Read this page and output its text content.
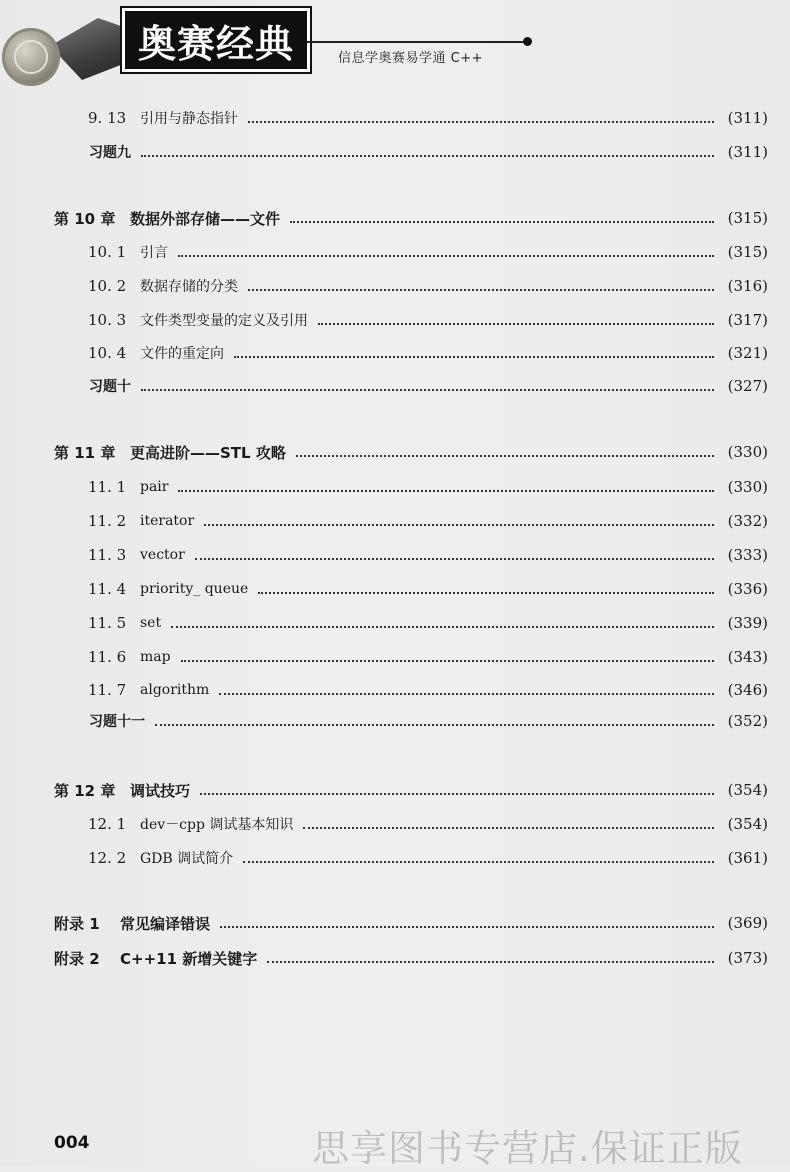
奥赛经典	信息学奥赛易学通 C++
9. 13 引用与静态指针	(311)
习题九	(311)
第 10 章 数据外部存储——文件	(315)
10. 1 引言	(315)
10. 2 数据存储的分类	(316)
10. 3 文件类型变量的定义及引用	(317)
10. 4 文件的重定向	(321)
习题十	(327)
第 11 章 更高进阶——STL 攻略	(330)
11. 1 pair	(330)
11. 2 iterator	(332)
11. 3 vector	(333)
11. 4 priority_ queue	(336)
11. 5 set	(339)
11. 6 map	(343)
11. 7 algorithm	(346)
习题十一	(352)
第 12 章 调试技巧	(354)
12. 1 dev－cpp 调试基本知识	(354)
12. 2 GDB 调试简介	(361)
附录 1	常见编译错误	(369)
附录 2	C++11 新增关键字	(373)
004	思享图书专营店.保证正版
